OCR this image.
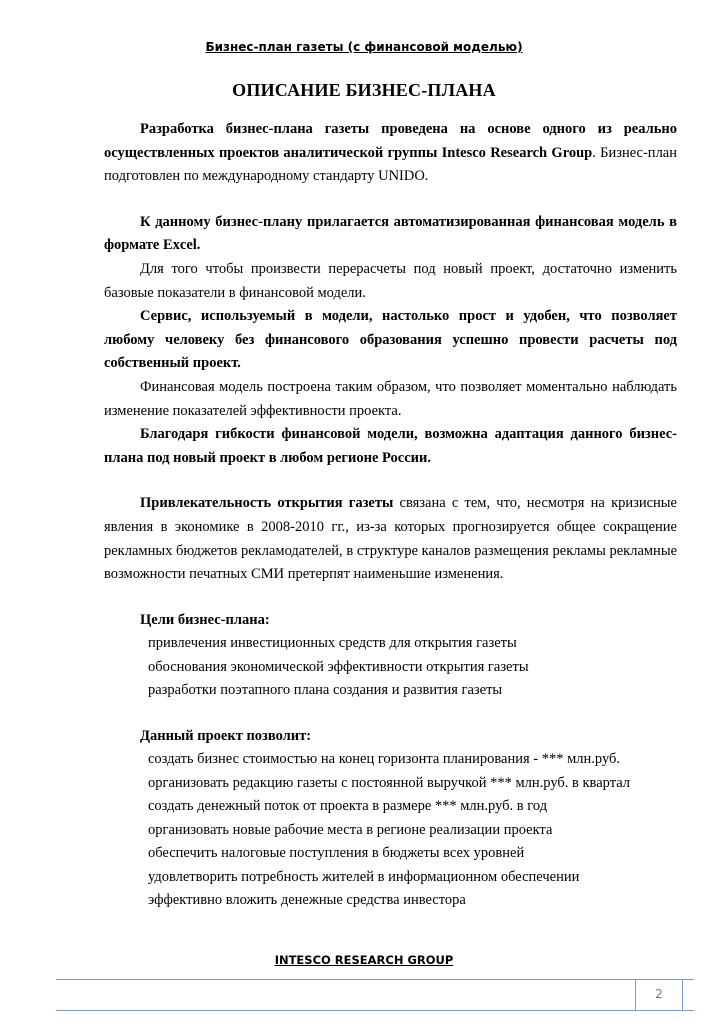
Бизнес-план газеты (с финансовой моделью)
ОПИСАНИЕ БИЗНЕС-ПЛАНА

Разработка бизнес-плана газеты проведена на основе одного из реально осуществленных проектов аналитической группы Intesco Research Group. Бизнес-план подготовлен по международному стандарту UNIDO.

К данному бизнес-плану прилагается автоматизированная финансовая модель в формате Excel.

Для того чтобы произвести перерасчеты под новый проект, достаточно изменить базовые показатели в финансовой модели.

Сервис, используемый в модели, настолько прост и удобен, что позволяет любому человеку без финансового образования успешно провести расчеты под собственный проект.

Финансовая модель построена таким образом, что позволяет моментально наблюдать изменение показателей эффективности проекта.

Благодаря гибкости финансовой модели, возможна адаптация данного бизнес-плана под новый проект в любом регионе России.

Привлекательность открытия газеты связана с тем, что, несмотря на кризисные явления в экономике в 2008-2010 гг., из-за которых прогнозируется общее сокращение рекламных бюджетов рекламодателей, в структуре каналов размещения рекламы рекламные возможности печатных СМИ претерпят наименьшие изменения.

Цели бизнес-плана:
привлечения инвестиционных средств для открытия газеты
обоснования экономической эффективности открытия газеты
разработки поэтапного плана создания и развития газеты
Данный проект позволит:
создать бизнес стоимостью на конец горизонта планирования - *** млн.руб.
организовать редакцию газеты с постоянной выручкой *** млн.руб. в квартал
создать денежный поток от проекта в размере *** млн.руб. в год
организовать новые рабочие места в регионе реализации проекта
обеспечить налоговые поступления в бюджеты всех уровней
удовлетворить потребность жителей в информационном обеспечении
эффективно вложить денежные средства инвестора
INTESCO RESEARCH GROUP
2
